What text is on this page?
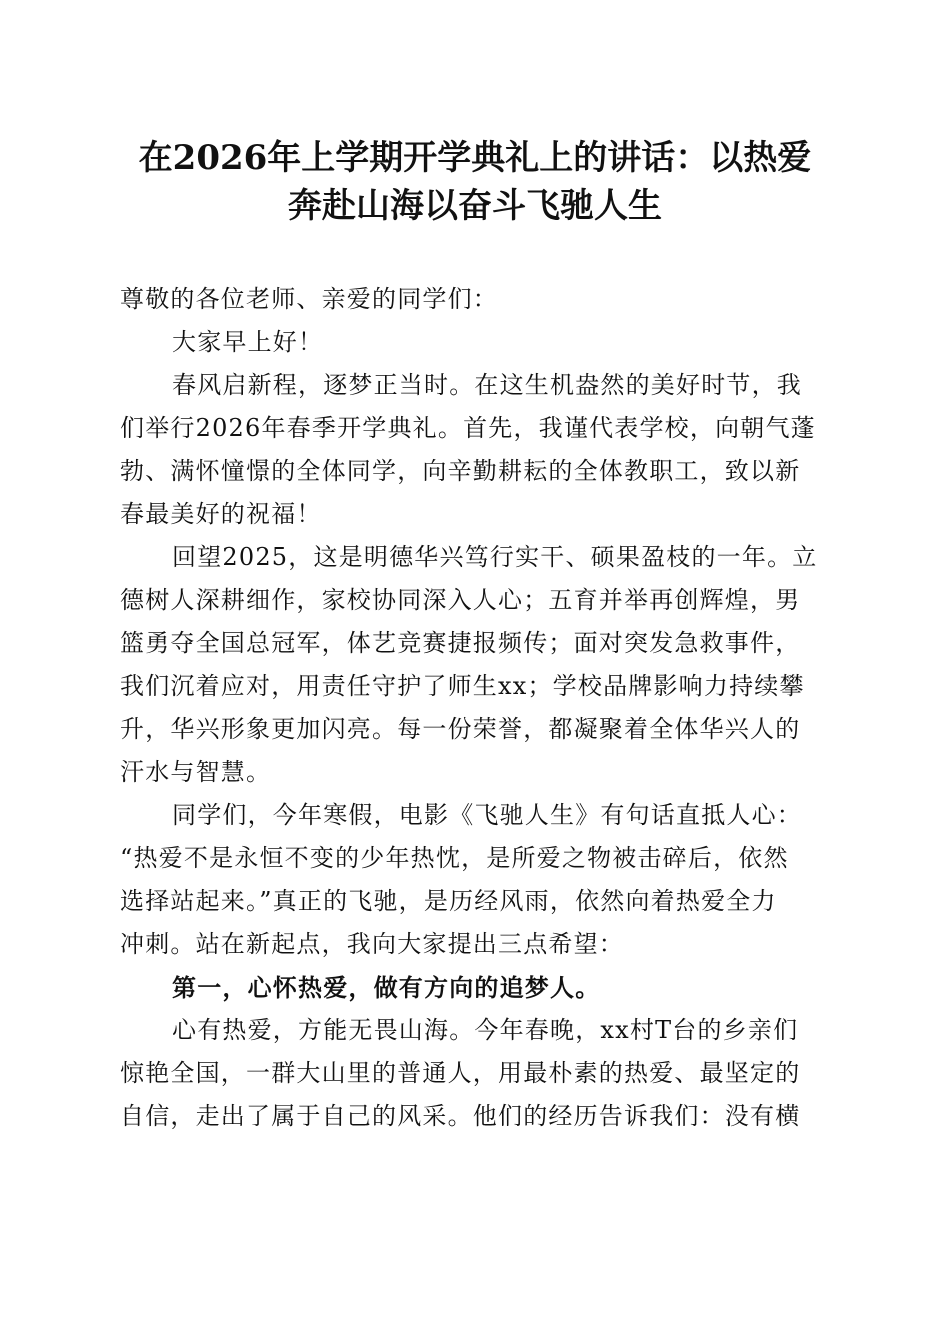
在2026年上学期开学典礼上的讲话：以热爱
奔赴山海以奋斗飞驰人生
尊敬的各位老师、亲爱的同学们：
大家早上好！
春风启新程，逐梦正当时。在这生机盎然的美好时节，我
们举行2026年春季开学典礼。首先，我谨代表学校，向朝气蓬
勃、满怀憧憬的全体同学，向辛勤耕耘的全体教职工，致以新
春最美好的祝福！
回望2025，这是明德华兴笃行实干、硕果盈枝的一年。立
德树人深耕细作，家校协同深入人心；五育并举再创辉煌，男
篮勇夺全国总冠军，体艺竞赛捷报频传；面对突发急救事件，
我们沉着应对，用责任守护了师生xx；学校品牌影响力持续攀
升，华兴形象更加闪亮。每一份荣誉，都凝聚着全体华兴人的
汗水与智慧。
同学们，今年寒假，电影《飞驰人生》有句话直抵人心：
“热爱不是永恒不变的少年热忱，是所爱之物被击碎后，依然
选择站起来。”真正的飞驰，是历经风雨，依然向着热爱全力
冲刺。站在新起点，我向大家提出三点希望：
第一，心怀热爱，做有方向的追梦人。
心有热爱，方能无畏山海。今年春晚，xx村T台的乡亲们
惊艳全国，一群大山里的普通人，用最朴素的热爱、最坚定的
自信，走出了属于自己的风采。他们的经历告诉我们：没有横
